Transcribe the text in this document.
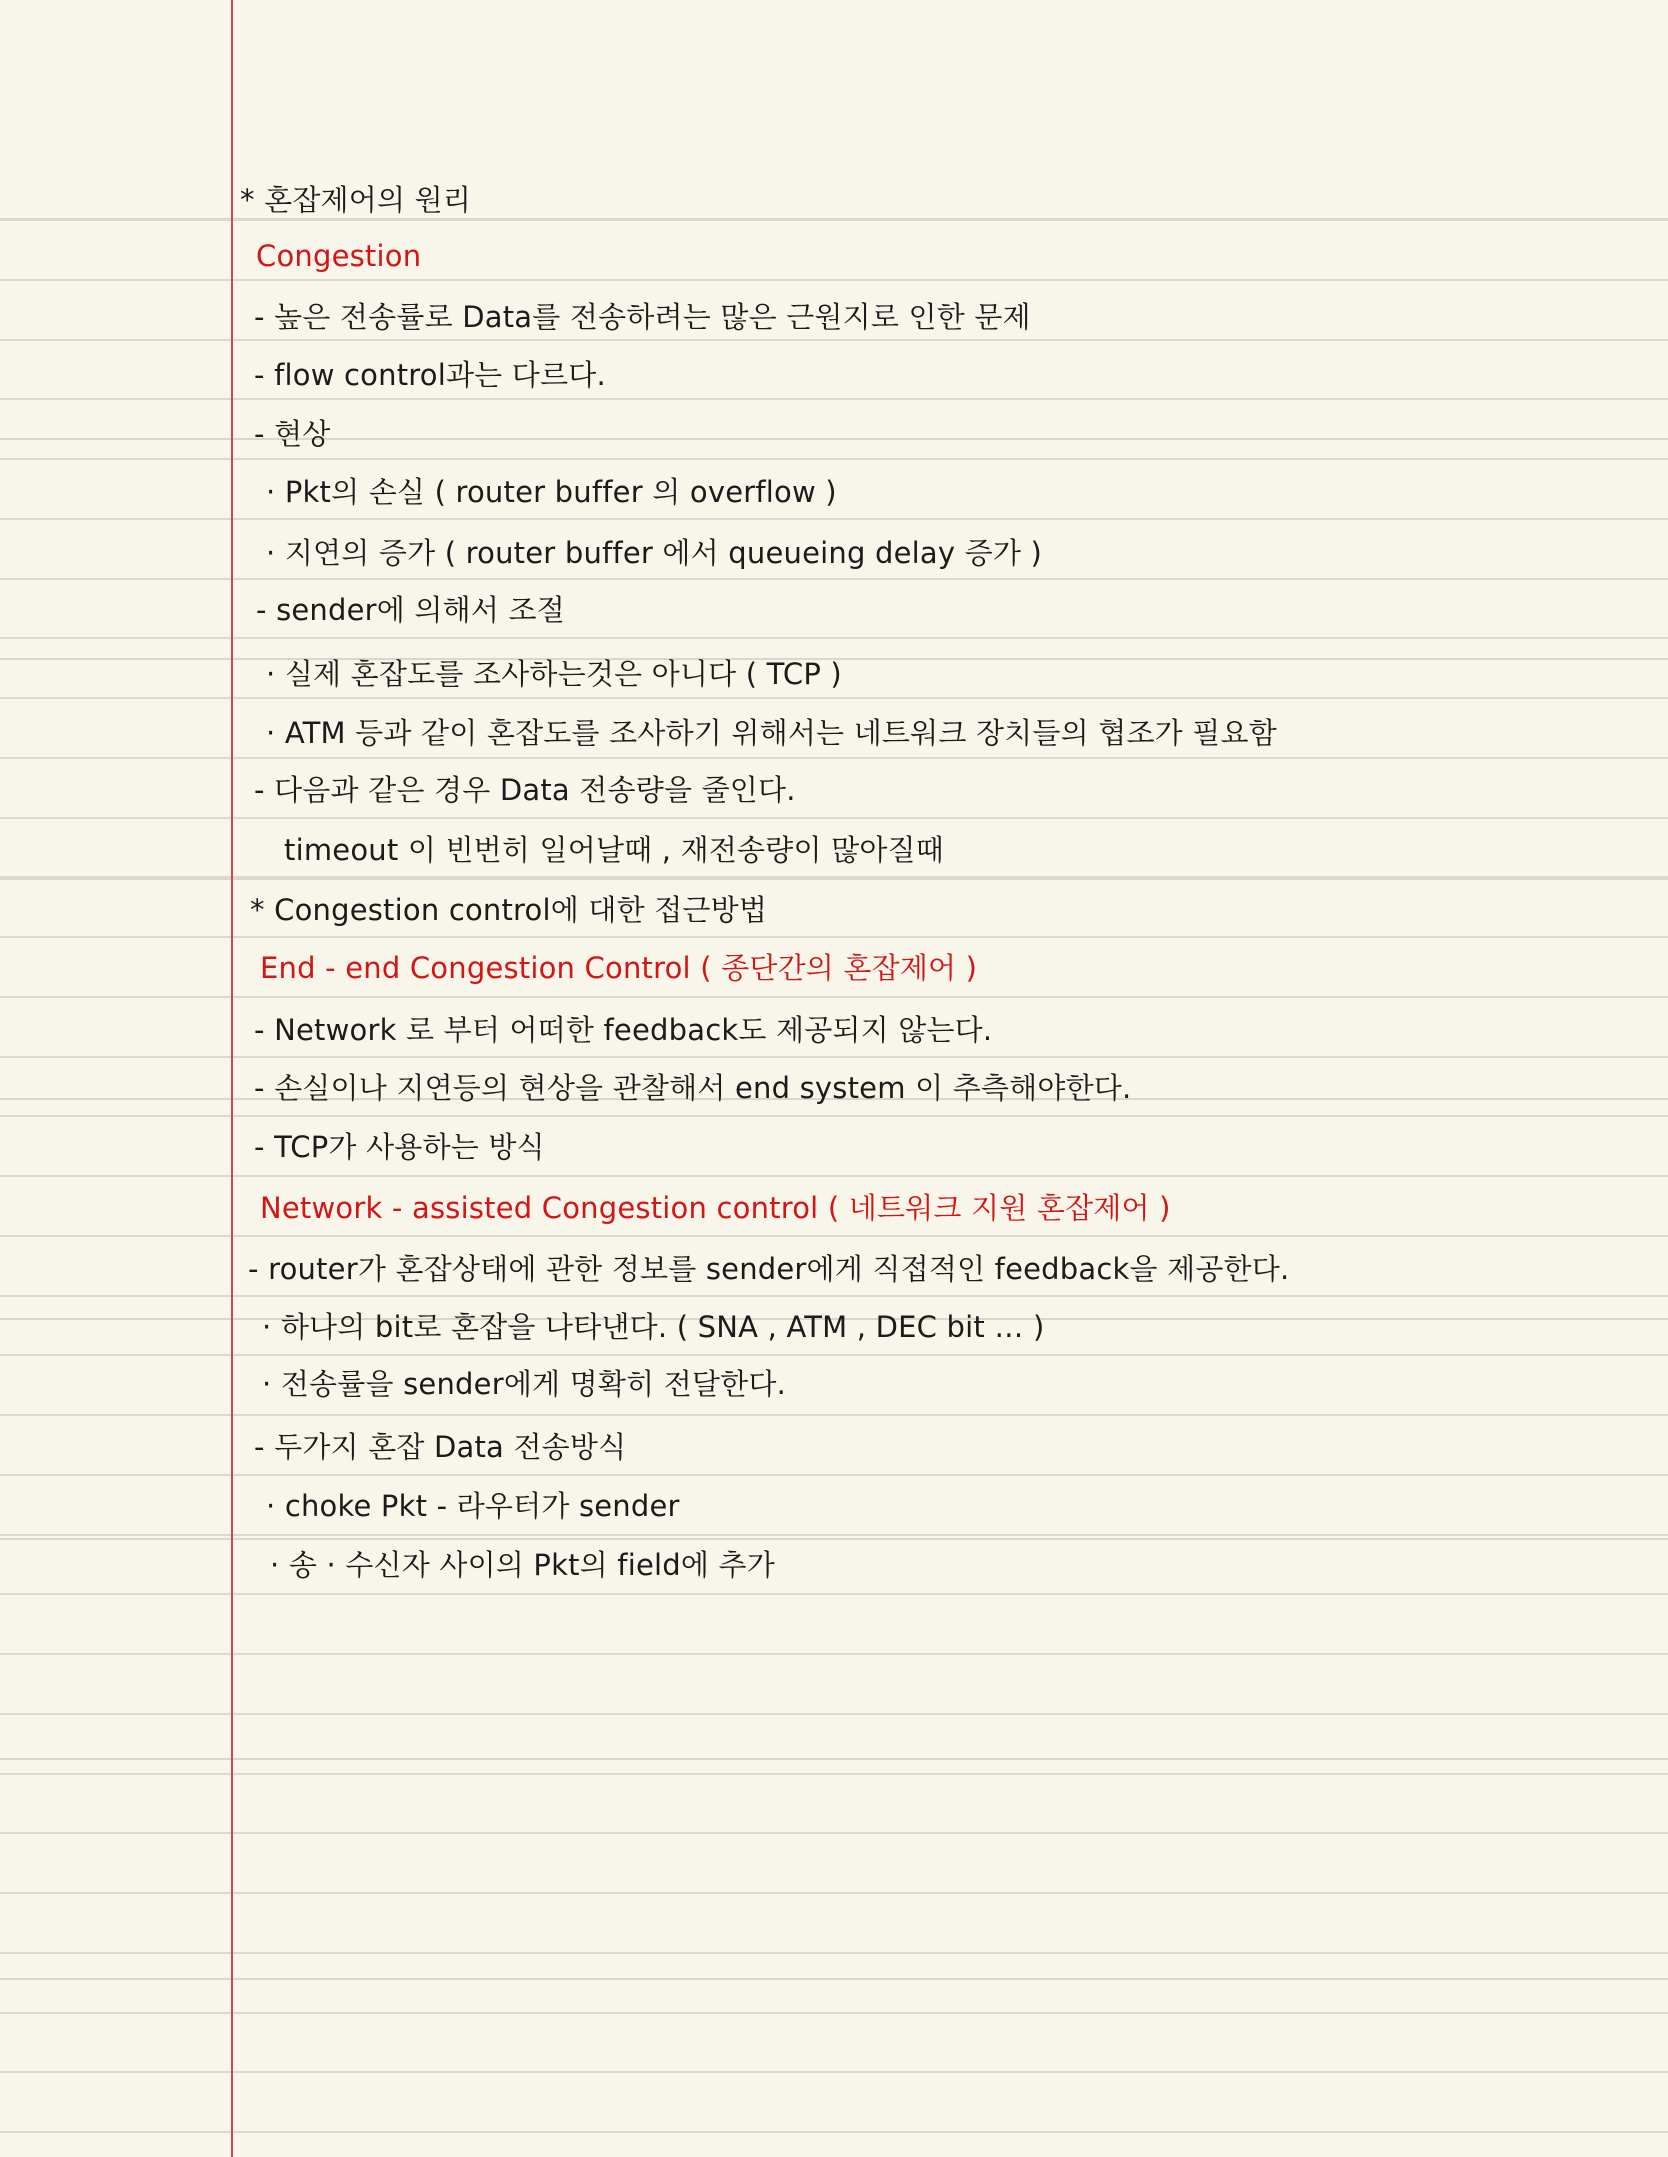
* 혼잡제어의 원리
Congestion
- 높은 전송률로 Data를 전송하려는 많은 근원지로 인한 문제
- flow control과는 다르다.
- 현상
· Pkt의 손실 ( router buffer 의 overflow )
· 지연의 증가 ( router buffer 에서 queueing delay 증가 )
- sender에 의해서 조절
· 실제 혼잡도를 조사하는것은 아니다 ( TCP )
· ATM 등과 같이 혼잡도를 조사하기 위해서는 네트워크 장치들의 협조가 필요함
- 다음과 같은 경우 Data 전송량을 줄인다.
timeout 이 빈번히 일어날때 , 재전송량이 많아질때
* Congestion control에 대한 접근방법
End - end Congestion Control ( 종단간의 혼잡제어 )
- Network 로 부터 어떠한 feedback도 제공되지 않는다.
- 손실이나 지연등의 현상을 관찰해서 end system 이 추측해야한다.
- TCP가 사용하는 방식
Network - assisted Congestion control ( 네트워크 지원 혼잡제어 )
- router가 혼잡상태에 관한 정보를 sender에게 직접적인 feedback을 제공한다.
· 하나의 bit로 혼잡을 나타낸다. ( SNA , ATM , DEC bit … )
· 전송률을 sender에게 명확히 전달한다.
- 두가지 혼잡 Data 전송방식
· choke Pkt - 라우터가 sender
· 송 · 수신자 사이의 Pkt의 field에 추가
